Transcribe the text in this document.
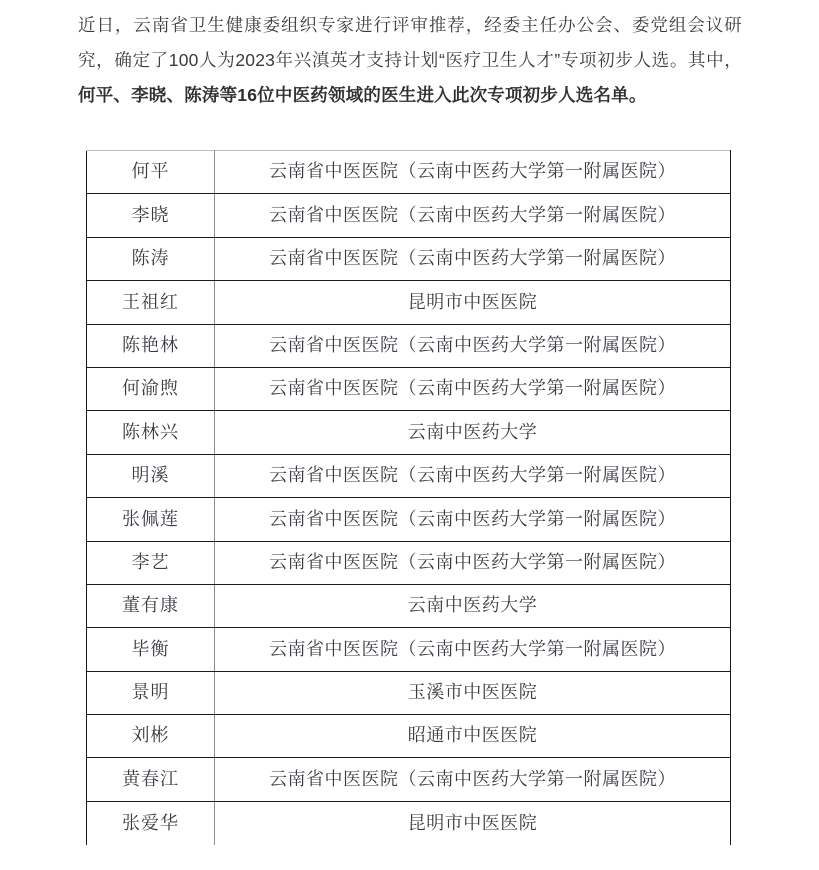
近日，云南省卫生健康委组织专家进行评审推荐，经委主任办公会、委党组会议研究，确定了100人为2023年兴滇英才支持计划“医疗卫生人才”专项初步人选。其中，何平、李晓、陈涛等16位中医药领域的医生进入此次专项初步人选名单。

何平	云南省中医医院（云南中医药大学第一附属医院）
李晓	云南省中医医院（云南中医药大学第一附属医院）
陈涛	云南省中医医院（云南中医药大学第一附属医院）
王祖红	昆明市中医医院
陈艳林	云南省中医医院（云南中医药大学第一附属医院）
何渝煦	云南省中医医院（云南中医药大学第一附属医院）
陈林兴	云南中医药大学
明溪	云南省中医医院（云南中医药大学第一附属医院）
张佩莲	云南省中医医院（云南中医药大学第一附属医院）
李艺	云南省中医医院（云南中医药大学第一附属医院）
董有康	云南中医药大学
毕衡	云南省中医医院（云南中医药大学第一附属医院）
景明	玉溪市中医医院
刘彬	昭通市中医医院
黄春江	云南省中医医院（云南中医药大学第一附属医院）
张爱华	昆明市中医医院
